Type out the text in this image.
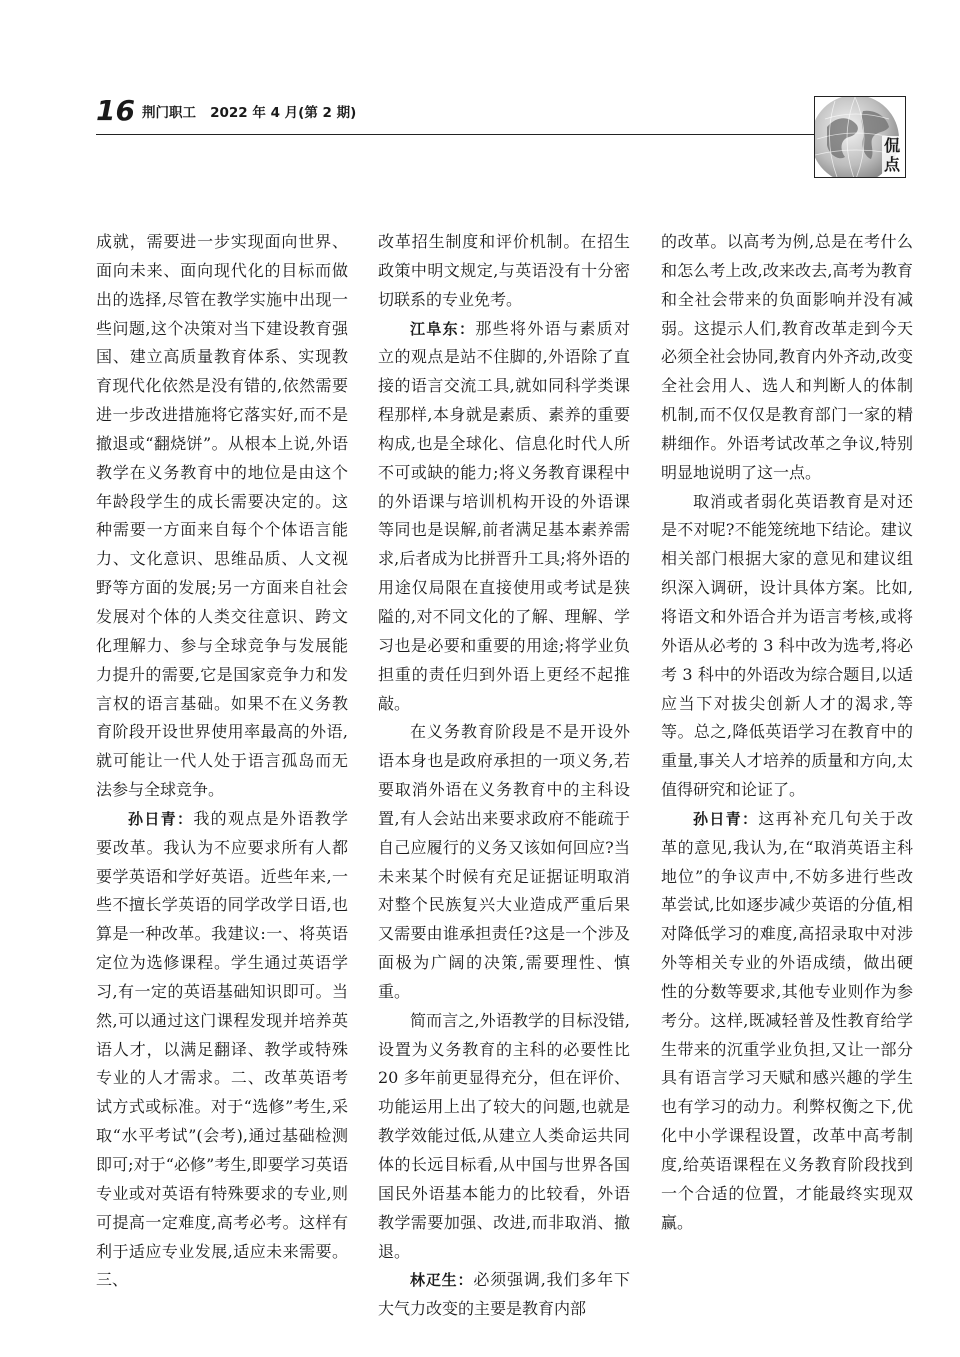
16 荆门职工 2022 年 4 月(第 2 期)
侃点

成就，需要进一步实现面向世界、面向未来、面向现代化的目标而做出的选择,尽管在教学实施中出现一些问题,这个决策对当下建设教育强国、建立高质量教育体系、实现教育现代化依然是没有错的,依然需要进一步改进措施将它落实好,而不是撤退或“翻烧饼”。从根本上说,外语教学在义务教育中的地位是由这个年龄段学生的成长需要决定的。这种需要一方面来自每个个体语言能力、文化意识、思维品质、人文视野等方面的发展;另一方面来自社会发展对个体的人类交往意识、跨文化理解力、参与全球竞争与发展能力提升的需要,它是国家竞争力和发言权的语言基础。如果不在义务教育阶段开设世界使用率最高的外语,就可能让一代人处于语言孤岛而无法参与全球竞争。

孙日青：我的观点是外语教学要改革。我认为不应要求所有人都要学英语和学好英语。近些年来,一些不擅长学英语的同学改学日语,也算是一种改革。我建议:一、将英语定位为选修课程。学生通过英语学习,有一定的英语基础知识即可。当然,可以通过这门课程发现并培养英语人才，以满足翻译、教学或特殊专业的人才需求。二、改革英语考试方式或标准。对于“选修”考生,采取“水平考试”(会考),通过基础检测即可;对于“必修”考生,即要学习英语专业或对英语有特殊要求的专业,则可提高一定难度,高考必考。这样有利于适应专业发展,适应未来需要。三、

改革招生制度和评价机制。在招生政策中明文规定,与英语没有十分密切联系的专业免考。

江阜东：那些将外语与素质对立的观点是站不住脚的,外语除了直接的语言交流工具,就如同科学类课程那样,本身就是素质、素养的重要构成,也是全球化、信息化时代人所不可或缺的能力;将义务教育课程中的外语课与培训机构开设的外语课等同也是误解,前者满足基本素养需求,后者成为比拼晋升工具;将外语的用途仅局限在直接使用或考试是狭隘的,对不同文化的了解、理解、学习也是必要和重要的用途;将学业负担重的责任归到外语上更经不起推敲。

在义务教育阶段是不是开设外语本身也是政府承担的一项义务,若要取消外语在义务教育中的主科设置,有人会站出来要求政府不能疏于自己应履行的义务又该如何回应?当未来某个时候有充足证据证明取消对整个民族复兴大业造成严重后果又需要由谁承担责任?这是一个涉及面极为广阔的决策,需要理性、慎重。

简而言之,外语教学的目标没错,设置为义务教育的主科的必要性比 20 多年前更显得充分，但在评价、功能运用上出了较大的问题,也就是教学效能过低,从建立人类命运共同体的长远目标看,从中国与世界各国国民外语基本能力的比较看，外语教学需要加强、改进,而非取消、撤退。

林疋生：必须强调,我们多年下大气力改变的主要是教育内部

的改革。以高考为例,总是在考什么和怎么考上改,改来改去,高考为教育和全社会带来的负面影响并没有减弱。这提示人们,教育改革走到今天必须全社会协同,教育内外齐动,改变全社会用人、选人和判断人的体制机制,而不仅仅是教育部门一家的精耕细作。外语考试改革之争议,特别明显地说明了这一点。

取消或者弱化英语教育是对还是不对呢?不能笼统地下结论。建议相关部门根据大家的意见和建议组织深入调研，设计具体方案。比如,将语文和外语合并为语言考核,或将外语从必考的 3 科中改为选考,将必考 3 科中的外语改为综合题目,以适应当下对拔尖创新人才的渴求,等等。总之,降低英语学习在教育中的重量,事关人才培养的质量和方向,太值得研究和论证了。

孙日青：这再补充几句关于改革的意见,我认为,在“取消英语主科地位”的争议声中,不妨多进行些改革尝试,比如逐步减少英语的分值,相对降低学习的难度,高招录取中对涉外等相关专业的外语成绩，做出硬性的分数等要求,其他专业则作为参考分。这样,既减轻普及性教育给学生带来的沉重学业负担,又让一部分具有语言学习天赋和感兴趣的学生也有学习的动力。利弊权衡之下,优化中小学课程设置，改革中高考制度,给英语课程在义务教育阶段找到一个合适的位置，才能最终实现双赢。
